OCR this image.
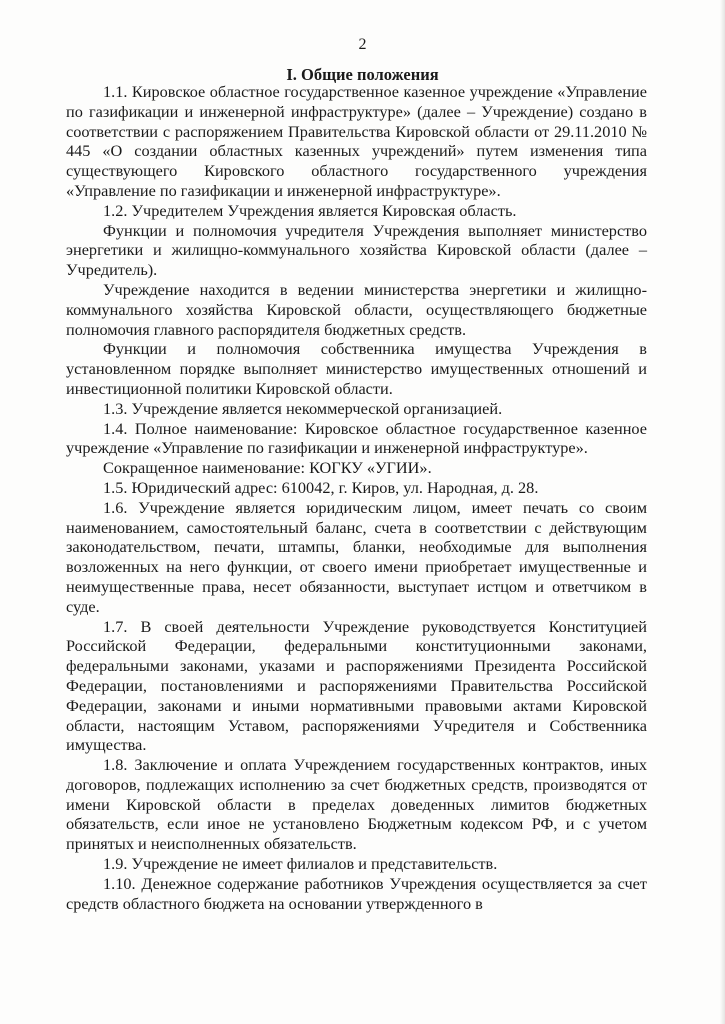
2
I. Общие положения

1.1. Кировское областное государственное казенное учреждение «Управление по газификации и инженерной инфраструктуре» (далее – Учреждение) создано в соответствии с распоряжением Правительства Кировской области от 29.11.2010 № 445 «О создании областных казенных учреждений» путем изменения типа существующего Кировского областного государственного учреждения «Управление по газификации и инженерной инфраструктуре».

1.2. Учредителем Учреждения является Кировская область.

Функции и полномочия учредителя Учреждения выполняет министерство энергетики и жилищно-коммунального хозяйства Кировской области (далее – Учредитель).

Учреждение находится в ведении министерства энергетики и жилищно-коммунального хозяйства Кировской области, осуществляющего бюджетные полномочия главного распорядителя бюджетных средств.

Функции и полномочия собственника имущества Учреждения в установленном порядке выполняет министерство имущественных отношений и инвестиционной политики Кировской области.

1.3. Учреждение является некоммерческой организацией.

1.4. Полное наименование: Кировское областное государственное казенное учреждение «Управление по газификации и инженерной инфраструктуре».

Сокращенное наименование: КОГКУ «УГИИ».

1.5. Юридический адрес: 610042, г. Киров, ул. Народная, д. 28.

1.6. Учреждение является юридическим лицом, имеет печать со своим наименованием, самостоятельный баланс, счета в соответствии с действующим законодательством, печати, штампы, бланки, необходимые для выполнения возложенных на него функции, от своего имени приобретает имущественные и неимущественные права, несет обязанности, выступает истцом и ответчиком в суде.

1.7. В своей деятельности Учреждение руководствуется Конституцией Российской Федерации, федеральными конституционными законами, федеральными законами, указами и распоряжениями Президента Российской Федерации, постановлениями и распоряжениями Правительства Российской Федерации, законами и иными нормативными правовыми актами Кировской области, настоящим Уставом, распоряжениями Учредителя и Собственника имущества.

1.8. Заключение и оплата Учреждением государственных контрактов, иных договоров, подлежащих исполнению за счет бюджетных средств, производятся от имени Кировской области в пределах доведенных лимитов бюджетных обязательств, если иное не установлено Бюджетным кодексом РФ, и с учетом принятых и неисполненных обязательств.

1.9. Учреждение не имеет филиалов и представительств.

1.10. Денежное содержание работников Учреждения осуществляется за счет средств областного бюджета на основании утвержденного в
